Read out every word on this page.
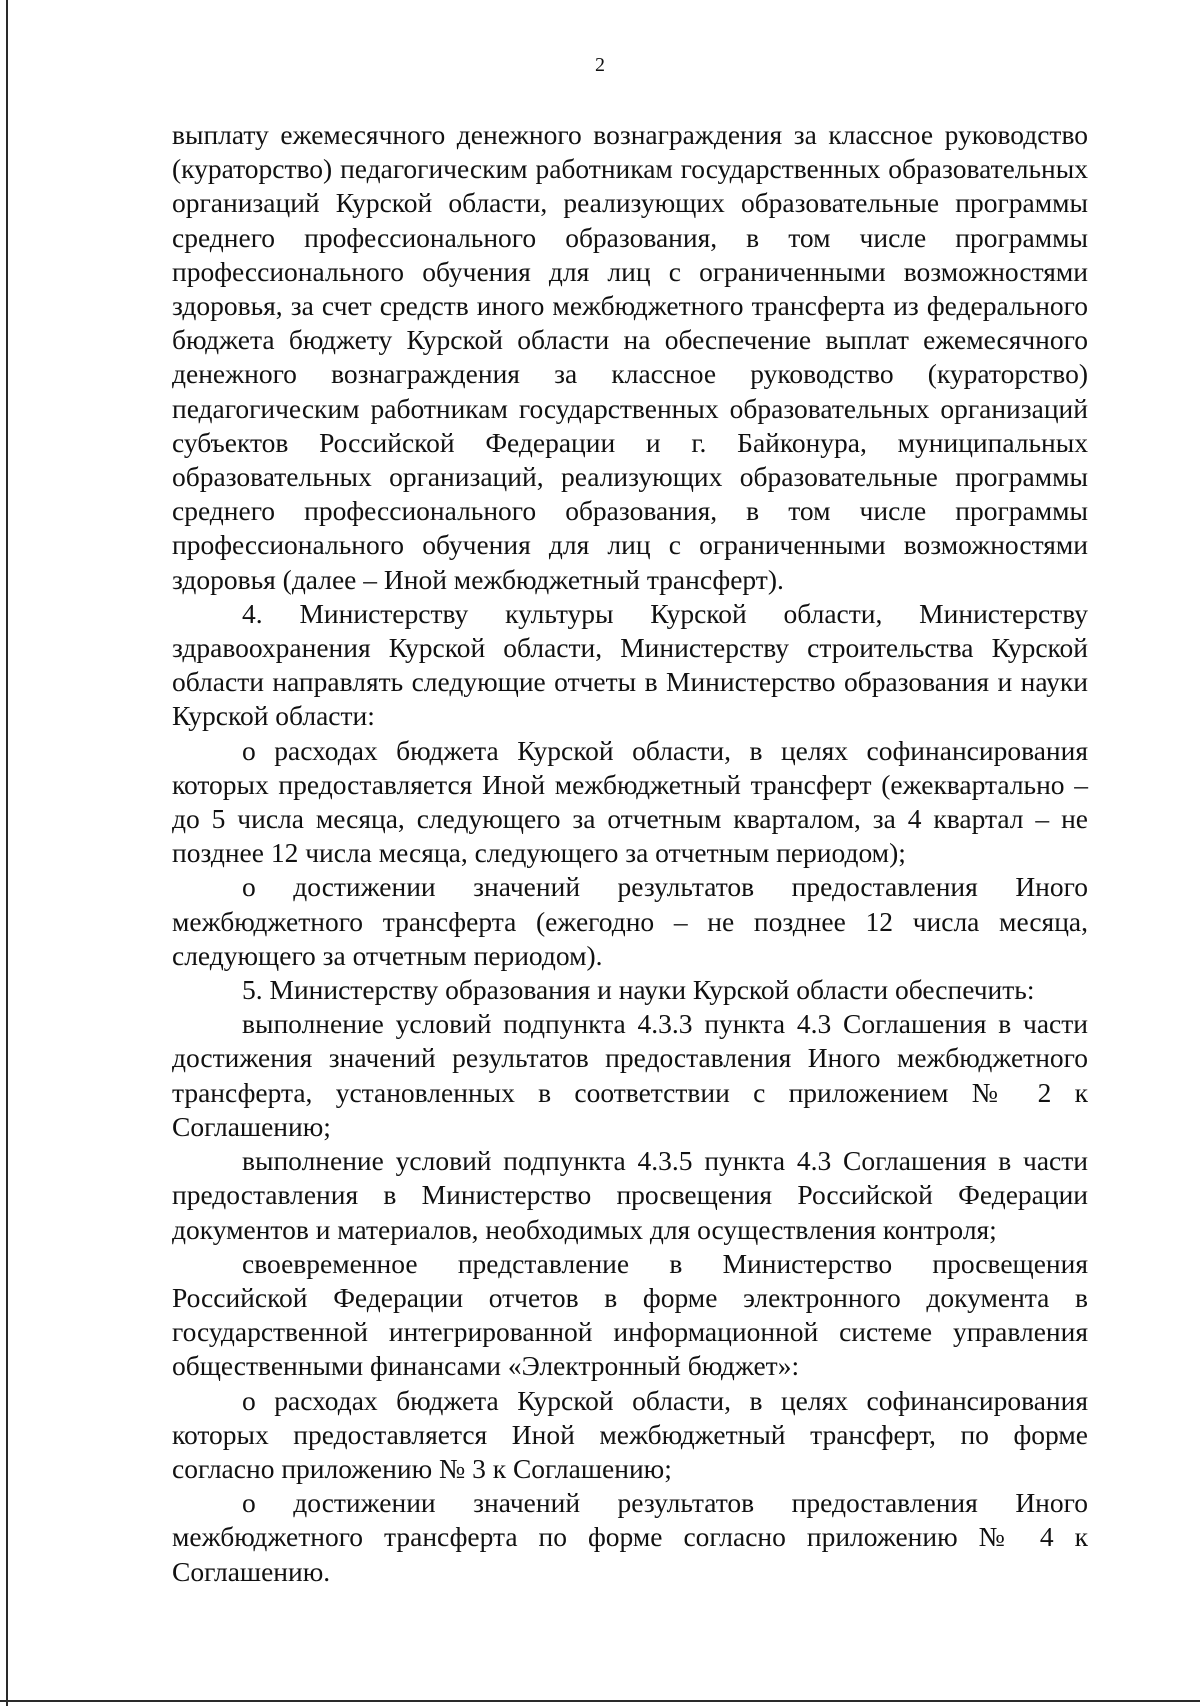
2

выплату ежемесячного денежного вознаграждения за классное руководство (кураторство) педагогическим работникам государственных образовательных организаций Курской области, реализующих образовательные программы среднего профессионального образования, в том числе программы профессионального обучения для лиц с ограниченными возможностями здоровья, за счет средств иного межбюджетного трансферта из федерального бюджета бюджету Курской области на обеспечение выплат ежемесячного денежного вознаграждения за классное руководство (кураторство) педагогическим работникам государственных образовательных организаций субъектов Российской Федерации и г. Байконура, муниципальных образовательных организаций, реализующих образовательные программы среднего профессионального образования, в том числе программы профессионального обучения для лиц с ограниченными возможностями здоровья (далее – Иной межбюджетный трансферт).

4. Министерству культуры Курской области, Министерству здравоохранения Курской области, Министерству строительства Курской области направлять следующие отчеты в Министерство образования и науки Курской области:

о расходах бюджета Курской области, в целях софинансирования которых предоставляется Иной межбюджетный трансферт (ежеквартально – до 5 числа месяца, следующего за отчетным кварталом, за 4 квартал – не позднее 12 числа месяца, следующего за отчетным периодом);

о достижении значений результатов предоставления Иного межбюджетного трансферта (ежегодно – не позднее 12 числа месяца, следующего за отчетным периодом).

5. Министерству образования и науки Курской области обеспечить:

выполнение условий подпункта 4.3.3 пункта 4.3 Соглашения в части достижения значений результатов предоставления Иного межбюджетного трансферта, установленных в соответствии с приложением № 2 к Соглашению;

выполнение условий подпункта 4.3.5 пункта 4.3 Соглашения в части предоставления в Министерство просвещения Российской Федерации документов и материалов, необходимых для осуществления контроля;

своевременное представление в Министерство просвещения Российской Федерации отчетов в форме электронного документа в государственной интегрированной информационной системе управления общественными финансами «Электронный бюджет»:

о расходах бюджета Курской области, в целях софинансирования которых предоставляется Иной межбюджетный трансферт, по форме согласно приложению № 3 к Соглашению;

о достижении значений результатов предоставления Иного межбюджетного трансферта по форме согласно приложению № 4 к Соглашению.
